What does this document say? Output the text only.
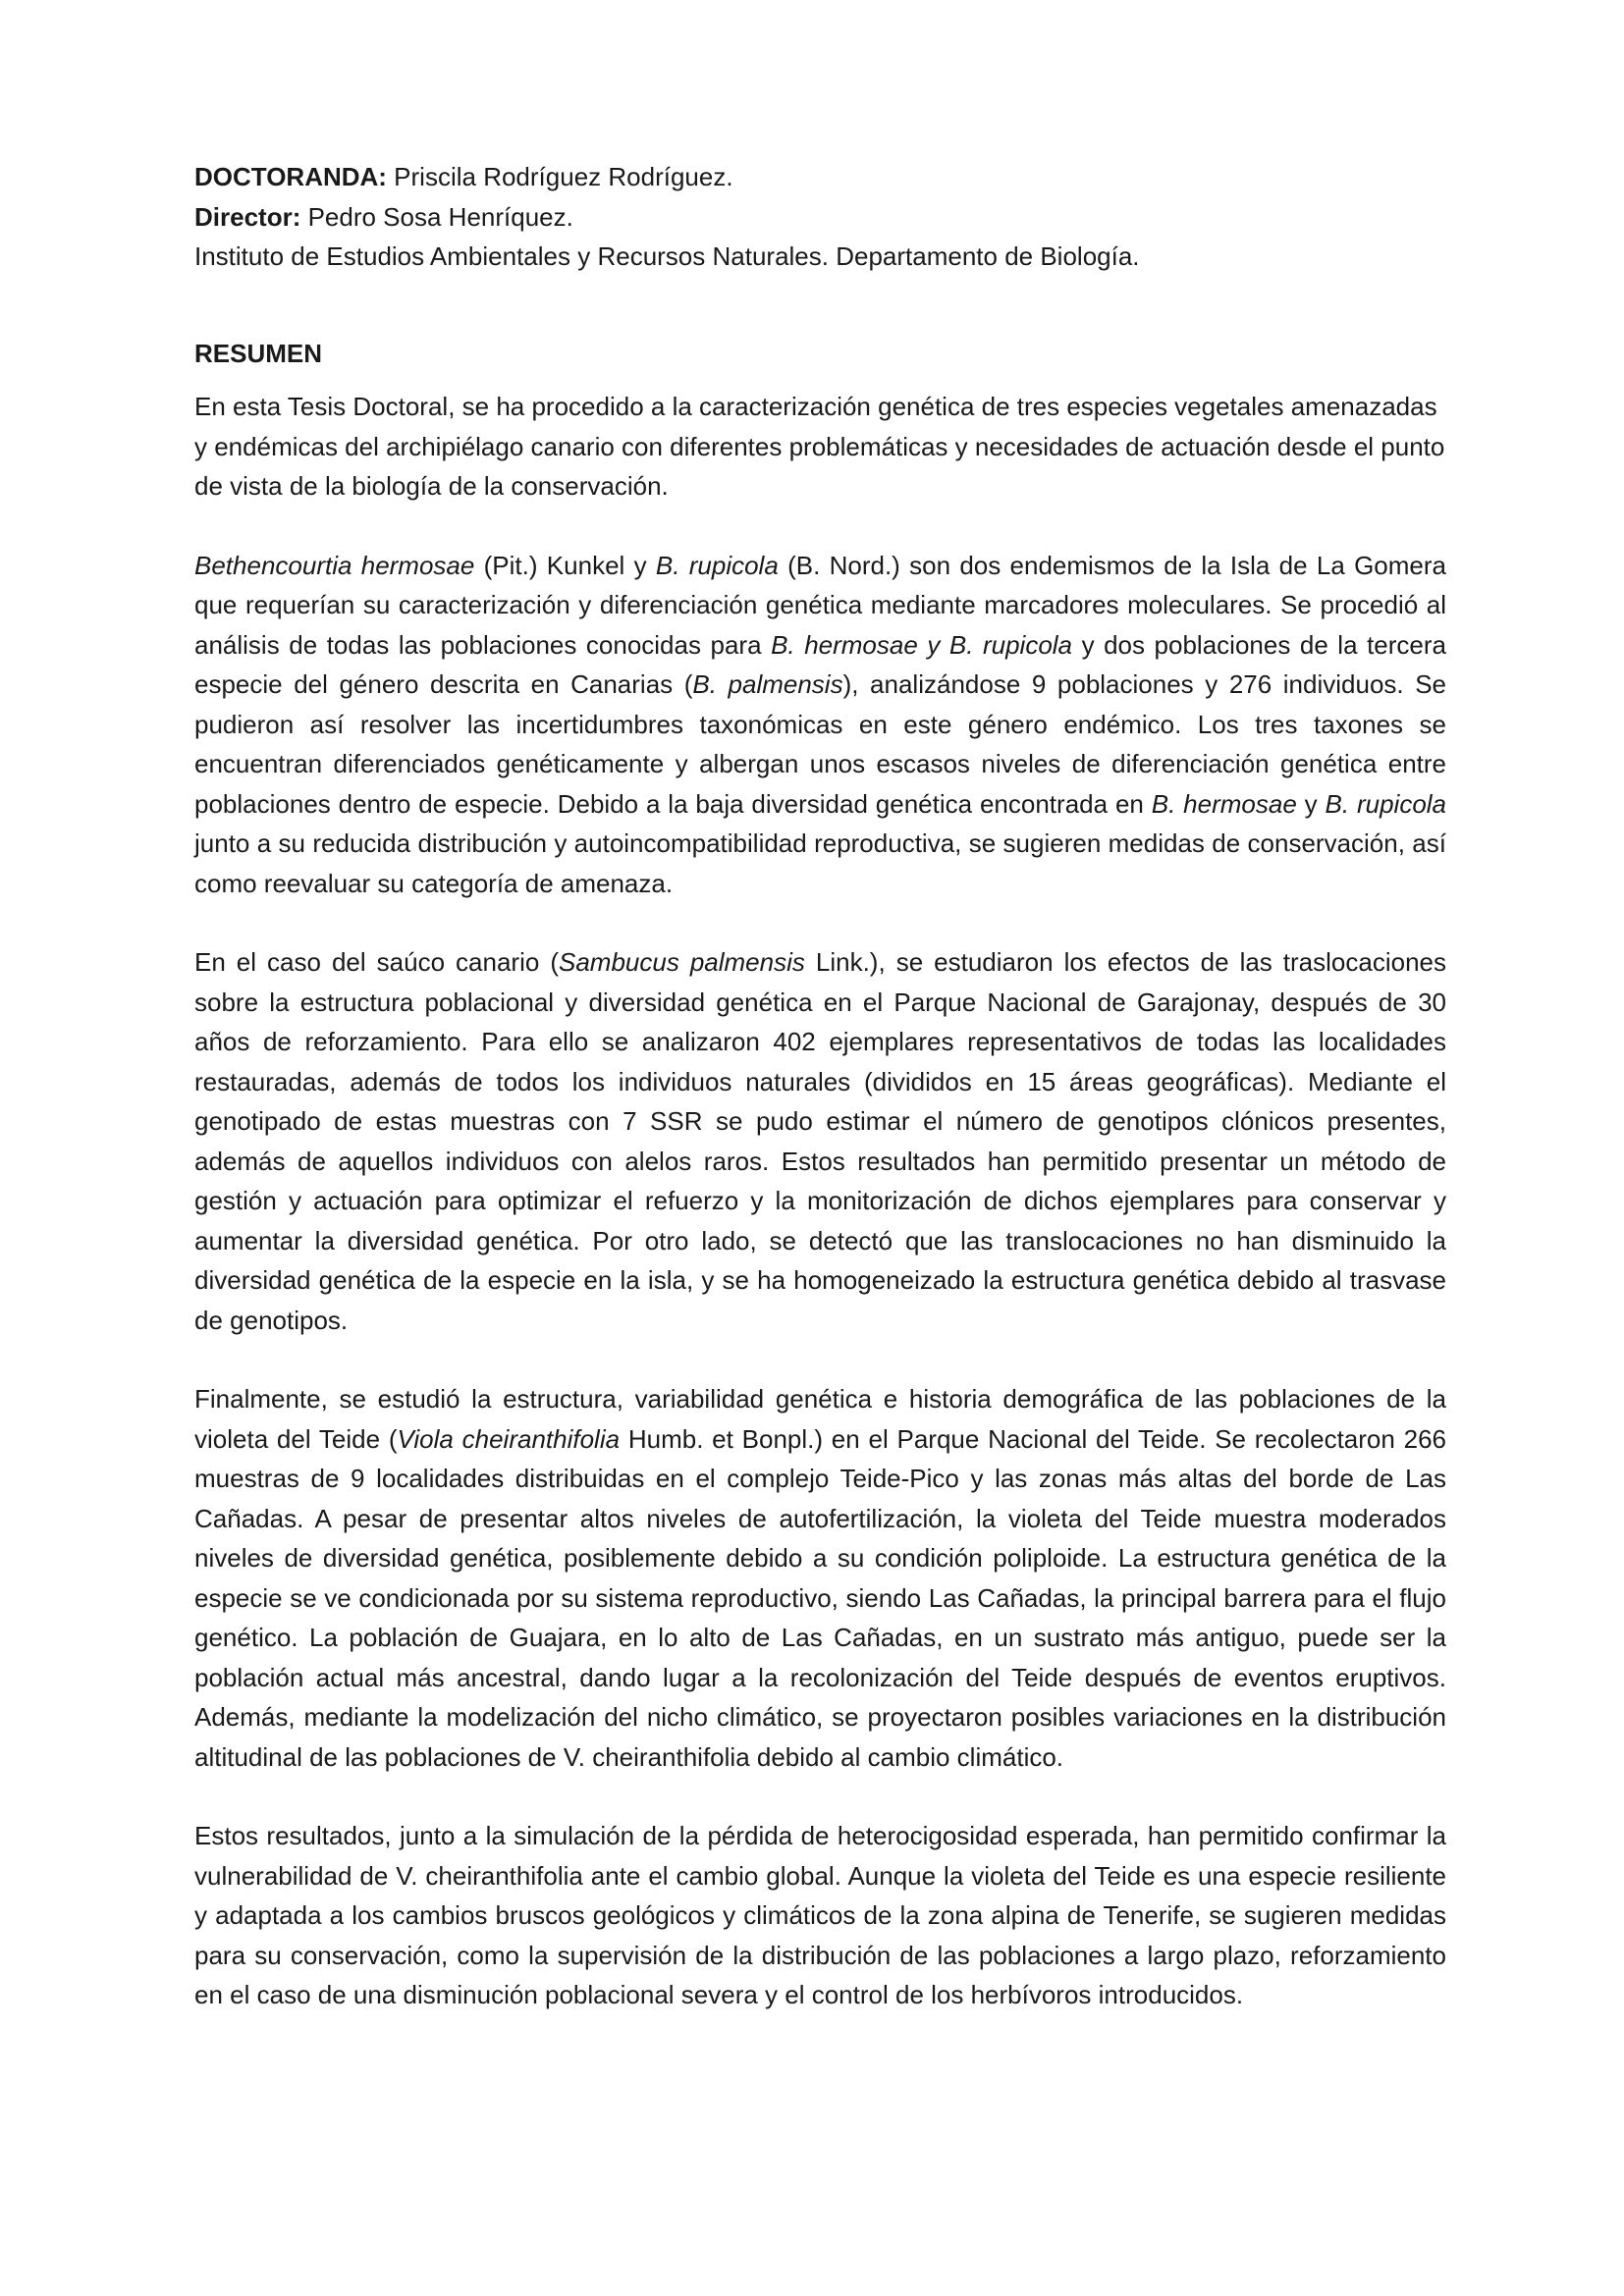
DOCTORANDA: Priscila Rodríguez Rodríguez.

Director: Pedro Sosa Henríquez.

Instituto de Estudios Ambientales y Recursos Naturales. Departamento de Biología.

RESUMEN

En esta Tesis Doctoral, se ha procedido a la caracterización genética de tres especies vegetales amenazadas y endémicas del archipiélago canario con diferentes problemáticas y necesidades de actuación desde el punto de vista de la biología de la conservación.

Bethencourtia hermosae (Pit.) Kunkel y B. rupicola (B. Nord.) son dos endemismos de la Isla de La Gomera que requerían su caracterización y diferenciación genética mediante marcadores moleculares. Se procedió al análisis de todas las poblaciones conocidas para B. hermosae y B. rupicola y dos poblaciones de la tercera especie del género descrita en Canarias (B. palmensis), analizándose 9 poblaciones y 276 individuos. Se pudieron así resolver las incertidumbres taxonómicas en este género endémico. Los tres taxones se encuentran diferenciados genéticamente y albergan unos escasos niveles de diferenciación genética entre poblaciones dentro de especie. Debido a la baja diversidad genética encontrada en B. hermosae y B. rupicola junto a su reducida distribución y autoincompatibilidad reproductiva, se sugieren medidas de conservación, así como reevaluar su categoría de amenaza.

En el caso del saúco canario (Sambucus palmensis Link.), se estudiaron los efectos de las traslocaciones sobre la estructura poblacional y diversidad genética en el Parque Nacional de Garajonay, después de 30 años de reforzamiento. Para ello se analizaron 402 ejemplares representativos de todas las localidades restauradas, además de todos los individuos naturales (divididos en 15 áreas geográficas). Mediante el genotipado de estas muestras con 7 SSR se pudo estimar el número de genotipos clónicos presentes, además de aquellos individuos con alelos raros. Estos resultados han permitido presentar un método de gestión y actuación para optimizar el refuerzo y la monitorización de dichos ejemplares para conservar y aumentar la diversidad genética. Por otro lado, se detectó que las translocaciones no han disminuido la diversidad genética de la especie en la isla, y se ha homogeneizado la estructura genética debido al trasvase de genotipos.

Finalmente, se estudió la estructura, variabilidad genética e historia demográfica de las poblaciones de la violeta del Teide (Viola cheiranthifolia Humb. et Bonpl.) en el Parque Nacional del Teide. Se recolectaron 266 muestras de 9 localidades distribuidas en el complejo Teide-Pico y las zonas más altas del borde de Las Cañadas. A pesar de presentar altos niveles de autofertilización, la violeta del Teide muestra moderados niveles de diversidad genética, posiblemente debido a su condición poliploide. La estructura genética de la especie se ve condicionada por su sistema reproductivo, siendo Las Cañadas, la principal barrera para el flujo genético. La población de Guajara, en lo alto de Las Cañadas, en un sustrato más antiguo, puede ser la población actual más ancestral, dando lugar a la recolonización del Teide después de eventos eruptivos. Además, mediante la modelización del nicho climático, se proyectaron posibles variaciones en la distribución altitudinal de las poblaciones de V. cheiranthifolia debido al cambio climático.

Estos resultados, junto a la simulación de la pérdida de heterocigosidad esperada, han permitido confirmar la vulnerabilidad de V. cheiranthifolia ante el cambio global. Aunque la violeta del Teide es una especie resiliente y adaptada a los cambios bruscos geológicos y climáticos de la zona alpina de Tenerife, se sugieren medidas para su conservación, como la supervisión de la distribución de las poblaciones a largo plazo, reforzamiento en el caso de una disminución poblacional severa y el control de los herbívoros introducidos.
